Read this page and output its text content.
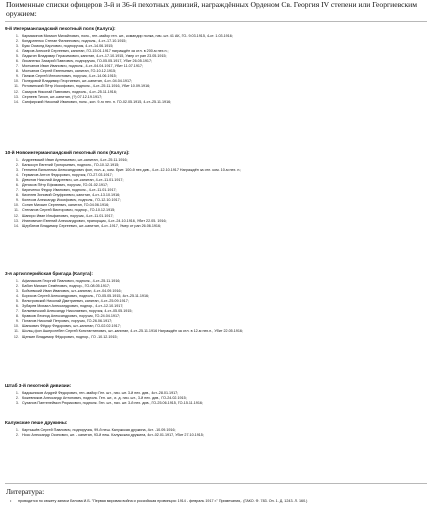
Поименные списки офицеров 3-й и 36-й пехотных дивизий, награждённых Орденом Св. Георгия IV степени или Георгиевским оружием:
9-й Ингерманландский пехотный полк (Калуга):
1. Кармазинов Михаил Михайлович, полк., ген.-майор ген. шт., командир полка, нач. шт. 41 АК, ГО- 9.03.1915, 4-ст. 1.03.1916;
2. Кондратенко Степан Филиппович, подполк., 4-ст.-17.10.1915;
3. Буяк Осмонд Карлович, подпоручик, 4-ст.-14.06.1915;
4. Лавров Алексей Сергеевич, капитан, ГО-15.01.1917 награждён за отл. в 200-м пех.п.;
5. Ладыгин Владимир Герасимович, капитан, 4-ст.-17.10.1915, Умер от ран 23.05.1915;
6. Лисаненко Захарий Павлович, подпоручик, ГО-05.05.1917, Убит 26.05.1917;
7. Молчанов Иван Иванович, подполк., 4-ст.-04.04.1917, Убит 11.07.1917;
8. Молчанов Сергей Евгеньевич, капитан, ГО-10.12.1915;
9. Папков Сергей Ипполитович, поручик, 4-ст.-14.06.1915;
10. Поледовой Владимир Георгиевич, шт.-капитан, 4-ст.-04.04.1917;
11. Ротовинский Пётр Иосифович, подполк., 4-ст.-25.11.1916, Убит 10.09.1916;
12. Сахаров Николай Павлович, подполк., 4-ст.-25.11.1916;
13. Серпеев Тихон, шт.-капитан, (?) 07.12.19.1917;
14. Сапфирский Николай Иванович, полк., кон. 9-го пех. п. ГО-02.05.1915, 4-ст.-25.11.1916;
10-й Новоингерманландский пехотный полк (Калуга):
1. Андреевский Иван Артемьевич, шт.-капитан, 4-ст.-25.11.1916;
2. Банкосуп Евгений Григорьевич, подполк., ГО-10.12.1915;
3. Геннинга Вильгельм Александрович фон, пол.-к., ком. брит. 100-й пех див., 4-ст.-12.10.1917 Награждён за отл. ком. 10-м пех. п.;
4. Германов Антон Федорович, поручик, ГО-27.03.1917;
5. Девятов Николай Андреевич, шт.-капитан, 4-ст.-11.01.1917;
6. Денисов Пётр Ефимович, поручик, ГО-01.02.1917;
7. Кириченко Федор Иванович, подполк., 4-ст.-11.01.1917;
8. Киселев Зиновий Онуфриевич, капитан, 4-ст.-13.10.1916;
9. Колесов Александр Иосифович, подполк., ГО-12.10.1917;
10. Сонин Михаил Сергеевич, капитан, ГО-04.06.1916;
11. Степанов Сергей Викторович, подпор., ГО-10.12.1915;
12. Шапиро Иван Ильфанович, поручик, 4-ст.-11.01.1917;
13. Ипатовичин Евгений Александрович, прапорщик, 4-ст.-24.10.1916, Убит 22.05. 1916;
14. Щербатов Владимир Сергеевич, шт.-капитан, 4-ст.-1917, Умер от ран 26.06.1916;
3-я артиллерийская бригада (Калуга):
1. Афанасьев Георгий Павлович, подполк., 4-ст.-25.11.1916;
2. Бабин Михаил Семёнович, подпор., ГО-08.05.1917;
3. Бойчевский Иван Иванович, шт.-капитан, 4-ст.-04.09.1916;
4. Борисов Сергей Александрович, подполк., ГО-05.05.1915, 4ст.-25.11.1916;
5. Вельтровский Николай Дмитриевич, капитан, 4-ст.-25.09.1917;
6. Зубарев Михаил Александрович, подпор., 4-ст.-12.10.1917;
7. Белкевичский Александр Николаевич, поручик, 4-ст.-05.05.1915;
8. Кравков Леонид Александрович, поручик, ГО-24.04.1917;
9. Потапов Николай Петрович, поручик, ГО-26.06.1917;
10. Шанкович Фёдор Федорович, шт.-капитан, ГО-02.02.1917;
11. Шольц фон Ашерслебен Сергей Константинович, шт.-капитан, 4-ст.-25.11.1916 Награждён за отл. в 12-м пех.п., Убит 22.05.1916;
12. Щепкин Владимир Фёдорович, подпор., ГО -10.12.1915;
Штаб 3-й пехотной дивизии:
1. Кадошников Андрей Федорович, ген.-майор Ген. шт., нач. шт. 3-й пех. див., 4ст.-28.01.1917;
2. Кожевников Александр Антонович, подполк. Ген. шт., и. д. нач. шт., 3-й пех. див., ГО-24.02.1915;
3. Суханов Пантелеймон Рюрикович, подполк. Ген. шт., нач. шт. 3-й пех. див., ГО-25.06.1915, ГО-15.11.1916;
Калужские пеше дружины:
1. Картышёв Сергей Павлович, подпоручик, 99-й пеш. Калужская дружина, 4ст. -10.09.1916;
2. Носс Александр Осипович, шт. - капитан, 93-й пеш. Калужская дружина, 4ст.-02.01.1917, Убит 27.10.1915;
Литература:
• проводится по сюжету записи Белова И.Б. "Первая мировая война и российская провинция: 1914 - февраль 1917 г." Примечания,. (ГАКО. Ф. 783. Оп. 1. Д. 1243. Л. 160.)
